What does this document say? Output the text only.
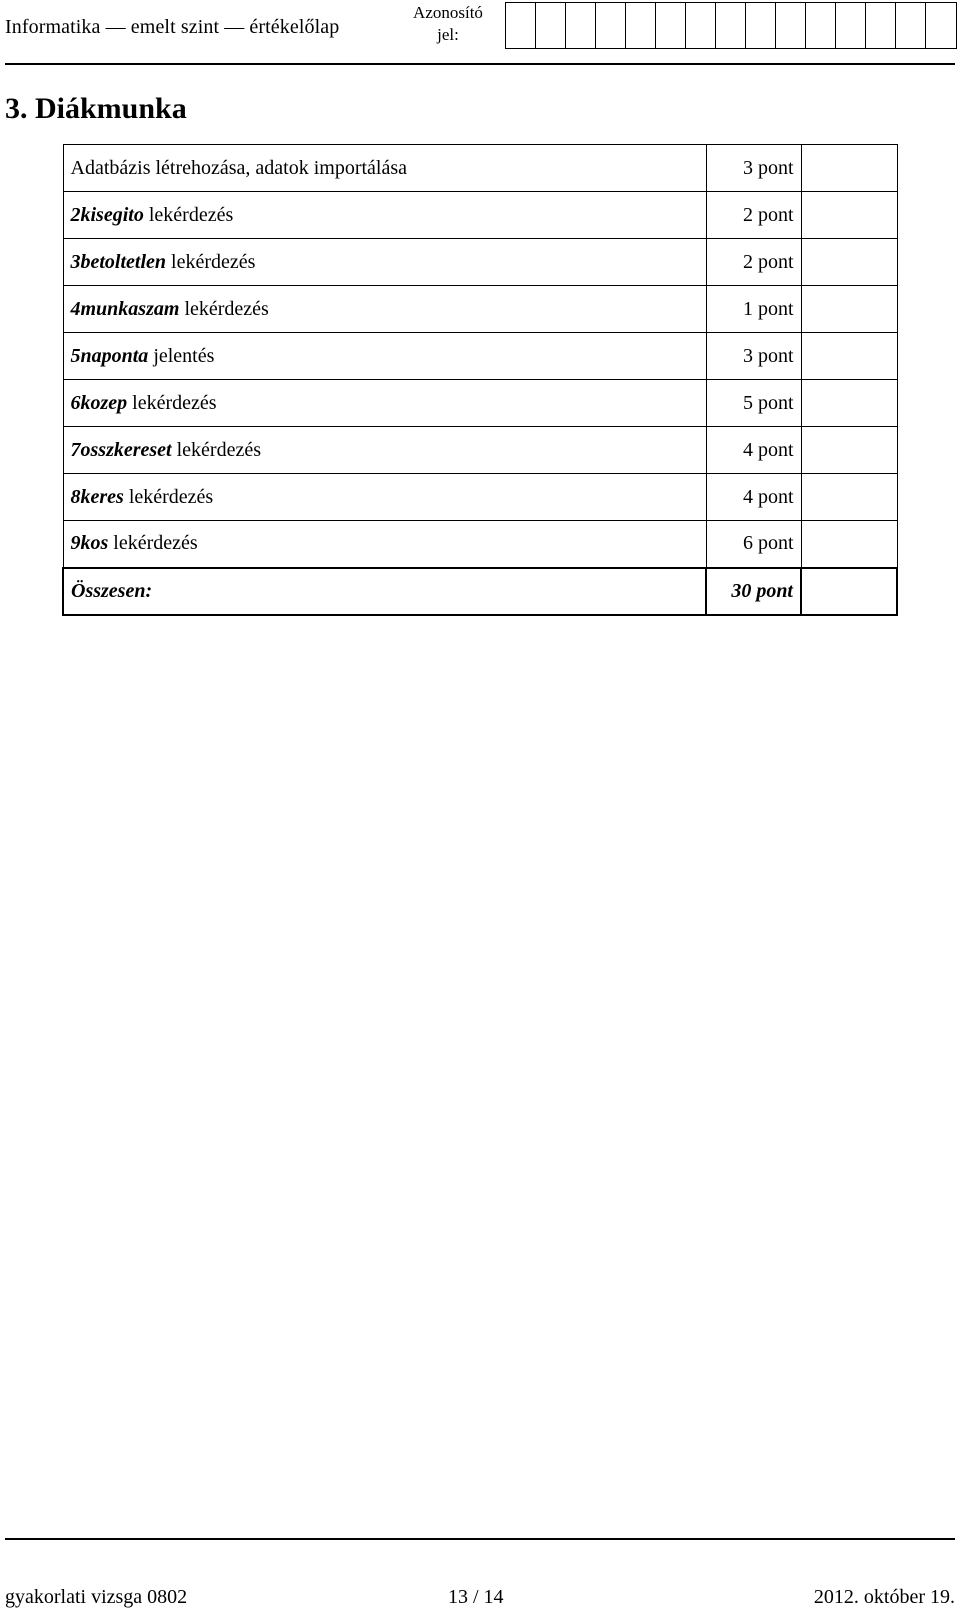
Informatika — emelt szint — értékelőlap
Azonosító jel:
3. Diákmunka
Adatbázis létrehozása, adatok importálása	3 pont	
2kisegito lekérdezés	2 pont	
3betoltetlen lekérdezés	2 pont	
4munkaszam lekérdezés	1 pont	
5naponta jelentés	3 pont	
6kozep lekérdezés	5 pont	
7osszkereset lekérdezés	4 pont	
8keres lekérdezés	4 pont	
9kos lekérdezés	6 pont	
Összesen:	30 pont	
gyakorlati vizsga 0802	13 / 14	2012. október 19.
